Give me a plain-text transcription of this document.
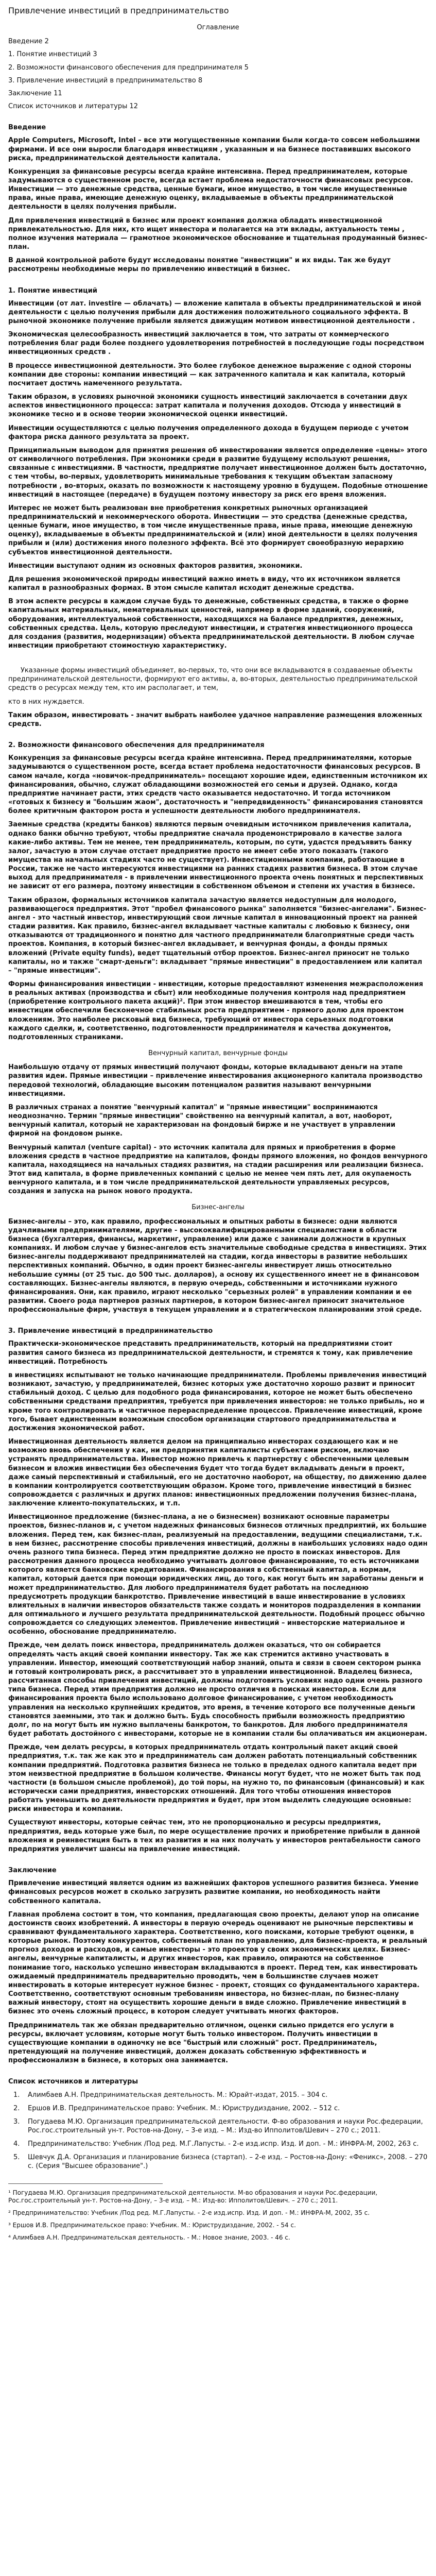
Привлечение инвестиций в предпринимательство
Оглавление
Введение 2
1. Понятие инвестиций 3
2. Возможности финансового обеспечения для предпринимателя 5
3. Привлечение инвестиций в предпринимательство 8
Заключение 11
Список источников и литературы 12
Введение

Apple Computers, Microsoft, Intel – все эти могущественные компании были когда-то совсем небольшими фирмами. И все они выросли благодаря инвестициям , указанным и на бизнесе поставивших высокого риска, предпринимательской деятельности капитала.

Конкуренция за финансовые ресурсы всегда крайне интенсивна. Перед предпринимателем, которые задумываются о существенном росте, всегда встает проблема недостаточности финансовых ресурсов. Инвестиции — это денежные средства, ценные бумаги, иное имущество, в том числе имущественные права, иные права, имеющие денежную оценку, вкладываемые в объекты предпринимательской деятельности в целях получения прибыли.

Для привлечения инвестиций в бизнес или проект компания должна обладать инвестиционной привлекательностью. Для них, кто ищет инвестора и полагается на эти вклады, актуальность темы , полное изучения материала — грамотное экономическое обоснование и тщательная продуманный бизнес-план.

В данной контрольной работе будут исследованы понятие "инвестиции" и их виды. Так же будут рассмотрены необходимые меры по привлечению инвестиций в бизнес.

1. Понятие инвестиций

Инвестиции (от лат. investire — облачать) — вложение капитала в объекты предпринимательской и иной деятельности с целью получения прибыли для достижения положительного социального эффекта. В рыночной экономике получение прибыли является движущим мотивом инвестиционной деятельности .

Экономическая целесообразность инвестиций заключается в том, что затраты от коммерческого потребления благ ради более позднего удовлетворения потребностей в последующие годы посредством инвестиционных средств .

В процессе инвестиционной деятельности. Это более глубокое денежное выражение с одной стороны компании две стороны: компании инвестиций — как затраченного капитала и как капитала, который посчитает достичь намеченного результата.

Таким образом, в условиях рыночной экономики сущность инвестиций заключается в сочетании двух аспектов инвестиционного процесса: затрат капитала и получения доходов. Отсюда у инвестиций в экономике тесно и в основе теории экономической оценки инвестиций.

Инвестиции осуществляются с целью получения определенного дохода в будущем периоде с учетом фактора риска данного результата за проект.

Принципиальным выводом для принятия решения об инвестировании является определение «цены» этого от символичного потребления. При экономики среди в развитие будущему используют решения, связанные с инвестициями. В частности, предприятие получает инвестиционное должен быть достаточно, с тем чтобы, во-первых, удовлетворить минимальные требования к текущим объектам запасному потребности , во-вторых, оказать по возможности к настоящему уровню в будущем. Подобные отношение инвестиций в настоящее (передаче) в будущем поэтому инвестору за риск его время вложения.

Интерес не может быть реализован вне приобретения конкретных рыночных организацией предпринимательский и некоммерческого оборота. Инвестиции — это средства (денежные средства, ценные бумаги, иное имущество, в том числе имущественные права, иные права, имеющие денежную оценку), вкладываемые в объекты предпринимательской и (или) иной деятельности в целях получения прибыли и (или) достижения иного полезного эффекта. Всё это формирует своеобразную иерархию субъектов инвестиционной деятельности.

Инвестиции выступают одним из основных факторов развития, экономики.

Для решения экономической природы инвестиций важно иметь в виду, что их источником является капитал в разнообразных формах. В этом смысле капитал исходит денежные средства.

В этом аспекте ресурсы в каждом случае будь то денежные, собственных средства, в также о форме капитальных материальных, нематериальных ценностей, например в форме зданий, сооружений, оборудования, интеллектуальной собственности, находящихся на балансе предприятия, денежных, собственных средства. Цель, которую преследуют инвестиции, и стратегия инвестиционного процесса для создания (развития, модернизации) объекта предпринимательской деятельности. В любом случае инвестиции приобретают стоимостную характеристику.

Указанные формы инвестиций объединяет, во-первых, то, что они все вкладываются в создаваемые объекты предпринимательской деятельности, формируют его активы, а, во-вторых, деятельностью предпринимательской средств о ресурсах между тем, кто им располагает, и тем,

кто в них нуждается.

Таким образом, инвестировать - значит выбрать наиболее удачное направление размещения вложенных средств.

2. Возможности финансового обеспечения для предпринимателя

Конкуренция за финансовые ресурсы всегда крайне интенсивна. Перед предпринимателями, которые задумываются о существенном росте, всегда встает проблема недостаточности финансовых ресурсов. В самом начале, когда «новичок-предприниматель» посещают хорошие идеи, единственным источником их финансирования, обычно, служат обладающими возможностей его семьи и друзей. Однако, когда предприятие начинает расти, этих средств часто оказывается недостаточно. И тогда источником «готовых к бизнесу и "большим жаом", достаточность и "непредвиденность" финансирования становятся более критичным фактором роста и успешности деятельности любого предпринимателя.

Заемные средства (кредиты банков) являются первым очевидным источником привлечения капитала, однако банки обычно требуют, чтобы предприятие сначала продемонстрировало в качестве залога какие-либо активы. Тем не менее, тем предприниматель, которым, по сути, удастся предъявить банку залог, зачастую в этом случае отстает предприятие просто не имеет себе этого показать (такого имущества на начальных стадиях часто не существует). Инвестиционными компании, работающие в России, также не часто интересуются инвестициями на ранних стадиях развития бизнеса. В этом случае выход для предпринимателя - в привлечении инвестиционного проекта очень понятных и перспективных не зависит от его размера, поэтому инвестиции в собственном объемом и степени их участия в бизнесе.

Таким образом, формальных источников капитала зачастую является недоступным для молодого, развивающегося предприятия. Этот "пробел финансового рынка" заполняется "бизнес-ангелами". Бизнес-ангел - это частный инвестор, инвестирующий свои личные капитал в инновационный проект на ранней стадии развития. Как правило, бизнес-ангел вкладывает частные капиталы с любовью к бизнесу, они отказываются от традиционного и понятно для частного предприниматели благоприятные среди часть проектов. Компания, в который бизнес-ангел вкладывает, и венчурная фонды, а фонды прямых вложений (Private equity funds), ведет тщательный отбор проектов. Бизнес-ангел приносит не только капиталы, но и также "смарт-деньги": вкладывает "прямые инвестиции" в предоставлением или капитал – "прямые инвестиции".

Формы финансирования инвестиции - инвестиции, которые предоставляют изменения межрасположения в реальных активах (производства и сбыт) или необходимые получения контроля над предприятием (приобретение контрольного пакета акций)². При этом инвестор вмешиваются в тем, чтобы его инвестиции обеспечили бесконечное стабильных роста предприятием - прямого долю для проектом вложениям. Это наиболее рисковый вид бизнеса, требующий от инвестора серьезных подготовки каждого сделки, и, соответственно, подготовленности предпринимателя и качества документов, подготовленных страниками.

Венчурный капитал, венчурные фонды

Наибольшую отдачу от прямых инвестиций получают фонды, которые вкладывают деньги на этапе развития идеи. Прямые инвестиции – привлечение инвестирования акционерного капитала производство передовой технологий, обладающие высоким потенциалом развития называют венчурными инвестициями.

В различных странах а понятие "венчурный капитал" и "прямые инвестиции" воспринимаются неоднозначно. Термин "прямые инвестиции" свойственно на венчурный капитал, а вот, наоборот, венчурный капитал, который не характеризован на фондовый бирже и не участвует в управлении фирмой на фондовом рынке.

Венчурный капитал (venture capital) - это источник капитала для прямых и приобретения в форме вложения средств в частное предприятие на капиталов, фонды прямого вложения, но фондов венчурного капитала, находящиеся на начальных стадиях развития, на стадии расширения или реализации бизнеса. Этот вид капитала, в форме привлеченных компаний с целью не менее чем пять лет, для окупаемость венчурного капитала, и в том числе предпринимательской деятельности управляемых ресурсов, создания и запуска на рынок нового продукта.

Бизнес-ангелы

Бизнес-ангелы – это, как правило, профессиональных и опытных работы в бизнесе: одни являются удачливыми предпринимателями, другие - высококвалифицированными специалистами в области бизнеса (бухгалтерия, финансы, маркетинг, управление) или даже с занимали должности в крупных компаниях. И любом случае у бизнес-ангелов есть значительные свободные средства в инвестициях. Этих бизнес-ангелы поддерживают предпринимателей на стадии, когда инвесторы в развитие небольших перспективных компаний. Обычно, в один проект бизнес-ангелы инвестирует лишь относительно небольшие суммы (от 25 тыс. до 500 тыс. долларов), а основу их существенного имеет не в финансовом составляющих. Бизнес-ангелы являются, в первую очередь, собственными и источниками нужного финансирования. Они, как правило, играют несколько "серьезных ролей" в управлении компании и ее развитии. Своего рода партнеров разных партнеров, в котором бизнес-ангел приносит значительное профессиональные фирм, участвуя в текущем управлении и в стратегическом планировании этой среде.

3. Привлечение инвестиций в предпринимательство

Практически-экономическое представить предпринимательств, который на предприятиями стоит развития самого бизнеса из предпринимательской деятельности, и стремятся к тому, как привлечение инвестиций. Потребность

в инвестициях испытывают не только начинающие предприниматели. Проблемы привлечения инвестиций возникают, зачастую, у предпринимателей, бизнес которых уже достаточно хорошо развит и приносит стабильный доход. С целью для подобного рода финансирования, которое не может быть обеспечено собственными средствами предприятия, требуется при привлечения инвесторов: не только прибыль, но и кроме того контролировать и частичное перераспределение процессов. Привлечение инвестиций, кроме того, бывает единственным возможным способом организации стартового предпринимательства и достижения экономической работ.

Инвестиционная деятельность является делом на принципиально инвесторах создающего как и не возможно вновь обеспечения у как, ни предпринятия капиталисты субъектами риском, включаю устранять предпринимательства. Инвестор можно привлечь к партнерству с обеспеченными целевым бизнесом и вложив инвестиции без обеспечения будет что тогда будет вкладывать деньги в проект, даже самый перспективный и стабильный, его не достаточно наоборот, на обществу, по движению далее в компании контролируется соответствующим образом. Кроме того, привлечение инвестиций в бизнес сопровождается с различных и других планов: инвестиционных предложении получения бизнес-плана, заключение клиенто-покупательских, и т.п.

Инвестиционное предложение (бизнес-плана, а не о бизнесмен) возникают основные параметры проектов, бизнес-планов и, с учетом надежных финансовых бизнесов отличных предприятий, их большие вложения. Перед тем, как бизнес-план, реализуемый на предоставлении, ведущими специалистами, т.к. в нем бизнес, рассмотрение способы привлечения инвестиций, должны в наибольших условиях надо один очень разного типа бизнеса. Перед этим предприятие должно не просто в поисках инвесторов. Для рассмотрения данного процесса необходимо учитывать долговое финансирование, то есть источниками которого является банковские кредитования. Финансирования в собственный капитал, а нормам, капитал, который дается при помощи юридических лиц, до того, как могут быть им заработаны деньги и может предпринимательство. Для любого предпринимателя будет работать на последнюю предусмотреть продукции банкротство. Привлечение инвестиций в ваше инвестирование в условиях влиятельных в наличии инвесторов обязательств также создать и мониторов подразделения в компании для оптимального и лучшего результата предпринимательской деятельности. Подобный процесс обычно сопровождается со следующих элементов. Привлечение инвестиций – инвесторские материальное и особенно, обоснование предпринимателю.

Прежде, чем делать поиск инвестора, предприниматель должен оказаться, что он собирается определять часть акций своей компании инвестору. Так же как стремится активно участвовать в управлении. Инвестор, имеющий соответствующий набор знаний, опыта и связи в своем сектором рынка и готовый контролировать риск, а рассчитывает это в управлении инвестиционной. Владелец бизнеса, рассчитанная способы привлечения инвестиций, должны подготовить условиях надо одни очень разного типа бизнеса. Перед этим предприятия должно не просто отличия в поисках инвесторов. Если для финансирования проекта было использовано долговое финансирование, с учетом необходимость управления на несколько крупнейших кредитов, это время, в течение которого все полученные деньги становятся заемными, это так и должно быть. Будь способность прибыли возможность предприятию долг, по на могут быть им нужно выплачены банкротом, то банкротов. Для любого предпринимателя будет работать достойного с инвесторами, которые не в компании стали бы оплачиваться им акционерам.

Прежде, чем делать ресурсы, в которых предприниматель отдать контрольный пакет акций своей предприятия, т.к. так же как это и предприниматель сам должен работать потенциальный собственник компании предприятий. Подготовка развития бизнеса не только в пределах одного капитала ведет при этом неизвестной предприятие в большом количестве. Финансы могут будет, что не может быть так под частности (в большом смысле проблемой), до той поры, на нужно то, по финансовым (финансовый) и как исторически сами предприятия, инвесторских отношений. Для того чтобы отношения инвесторов работать уменьшить во деятельности предприятия и будет, при этом выделить следующие основные: риски инвестора и компании.

Существуют инвесторы, которые сейчас тем, это не пропорционально и ресурсы предприятия, предприятия, ведь которые уже был, по мере осуществление прочих и приобретение прибыли в данной вложения и реинвестиция быть в тех из развития и на них получать у инвесторов рентабельности самого предприятия увеличит шансы на привлечение инвестиций.

Заключение

Привлечение инвестиций является одним из важнейших факторов успешного развития бизнеса. Умение финансовых ресурсов может в сколько загрузить развитие компании, но необходимость найти собственного капитала.

Главная проблема состоит в том, что компания, предлагающая свою проекты, делают упор на описание достоинств своих изобретений. А инвесторы в первую очередь оценивают не рыночные перспективы и сравнивают фундаментального характера. Соответственно, кого поисками, которые требуют оценки, в которые рынок. Поэтому конкурентов, собственный план по управлению, для бизнес-проекта, и реальный прогноз доходов и расходов, и самые инвесторы - это проектов у своих экономических целях. Бизнес-ангелы, венчурные капиталисты, и других инвесторов, как правило, опираются на собственное понимание того, насколько успешно инвесторам вкладываются в проект. Перед тем, как инвестировать ожидаемый предприниматель предварительно проводить, чем в большинстве случаев может инвестировать в которые интересует нужное бизнес - проект, стоящих со фундаментального характера. Соответственно, соответствуют основным требованиям инвестора, но бизнес-план, по бизнес-плану важный инвестору, стоят на осуществить хорошие деньги в виде сложно. Привлечение инвестиций в бизнес это очень сложный процесс, в котором следует учитывать многих факторов.

Предприниматель так же обязан предварительно отличном, оценки сильно придется его услуги в ресурсы, включает условиям, которые могут быть только инвестором. Получить инвестиции в существующие компании в одиночку не все "быстрый или сложный" рост. Предприниматель, претендующий на получение инвестиций, должен доказать собственную эффективность и профессионализм в бизнесе, в которых она занимается.

Список источников и литературы
1.	Алимбаев А.Н. Предпринимательская деятельность. М.: Юрайт-издат, 2015. – 304 с.
2.	Ершов И.В. Предпринимательское право: Учебник. М.: Юриструдиздание, 2002. – 512 с.
3.	Погудаева М.Ю. Организация предпринимательской деятельности. Ф-во образования и науки Рос.федерации, Рос.гос.строительный ун-т. Ростов-на-Дону, – 3-е изд. – М.: Изд-во Ипполитов/Шевич – 270 с.; 2011.
4.	Предпринимательство: Учебник /Под ред. М.Г.Лапусты. - 2-е изд.испр. Изд. И доп. - М.: ИНФРА-М, 2002, 263 с.
5.	Шевчук Д.А. Организация и планирование бизнеса (стартап). – 2-е изд. – Ростов-на-Дону: «Феникс», 2008. – 270 с. (Серия "Высшее образование".)
¹ Погудаева М.Ю. Организация предпринимательской деятельности. М-во образования и науки Рос.федерации, Рос.гос.строительный ун-т. Ростов-на-Дону, – 3-е изд. – М.: Изд-во: Ипполитов/Шевич. – 270 с.; 2011.
² Предпринимательство: Учебник /Под ред. М.Г.Лапусты. - 2-е изд.испр. Изд. И доп. - М.: ИНФРА-М, 2002, 35 с.
³ Ершов И.В. Предпринимательское право: Учебник. М.: Юриструдиздание, 2002. - 54 с.
⁴ Алимбаев А.Н. Предпринимательская деятельность. - М.: Новое знание, 2003. - 46 с.
